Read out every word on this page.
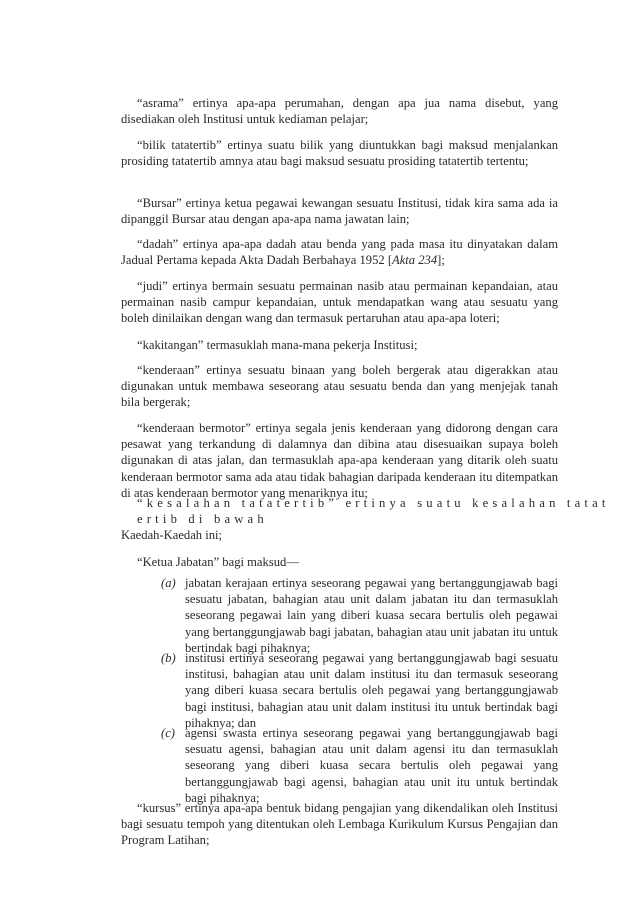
“asrama” ertinya apa-apa perumahan, dengan apa jua nama disebut, yang disediakan oleh Institusi untuk kediaman pelajar;

“bilik tatatertib” ertinya suatu bilik yang diuntukkan bagi maksud menjalankan prosiding tatatertib amnya atau bagi maksud sesuatu prosiding tatatertib tertentu;

“Bursar” ertinya ketua pegawai kewangan sesuatu Institusi, tidak kira sama ada ia dipanggil Bursar atau dengan apa-apa nama jawatan lain;

“dadah” ertinya apa-apa dadah atau benda yang pada masa itu dinyatakan dalam Jadual Pertama kepada Akta Dadah Berbahaya 1952 [Akta 234];

“judi” ertinya bermain sesuatu permainan nasib atau permainan kepandaian, atau permainan nasib campur kepandaian, untuk mendapatkan wang atau sesuatu yang boleh dinilaikan dengan wang dan termasuk pertaruhan atau apa-apa loteri;

“kakitangan” termasuklah mana-mana pekerja Institusi;

“kenderaan” ertinya sesuatu binaan yang boleh bergerak atau digerakkan atau digunakan untuk membawa seseorang atau sesuatu benda dan yang menjejak tanah bila bergerak;

“kenderaan bermotor” ertinya segala jenis kenderaan yang didorong dengan cara pesawat yang terkandung di dalamnya dan dibina atau disesuaikan supaya boleh digunakan di atas jalan, dan termasuklah apa-apa kenderaan yang ditarik oleh suatu kenderaan bermotor sama ada atau tidak bahagian daripada kenderaan itu ditempatkan di atas kenderaan bermotor yang menariknya itu;

“kesalahan tatatertib” ertinya suatu kesalahan tatat
ertib di bawah
Kaedah-Kaedah ini;

“Ketua Jabatan” bagi maksud—

(a) jabatan kerajaan ertinya seseorang pegawai yang bertanggungjawab bagi sesuatu jabatan, bahagian atau unit dalam jabatan itu dan termasuklah seseorang pegawai lain yang diberi kuasa secara bertulis oleh pegawai yang bertanggungjawab bagi jabatan, bahagian atau unit jabatan itu untuk bertindak bagi pihaknya;
(b) institusi ertinya seseorang pegawai yang bertanggungjawab bagi sesuatu institusi, bahagian atau unit dalam institusi itu dan termasuk seseorang yang diberi kuasa secara bertulis oleh pegawai yang bertanggungjawab bagi institusi, bahagian atau unit dalam institusi itu untuk bertindak bagi pihaknya; dan
(c) agensi swasta ertinya seseorang pegawai yang bertanggungjawab bagi sesuatu agensi, bahagian atau unit dalam agensi itu dan termasuklah seseorang yang diberi kuasa secara bertulis oleh pegawai yang bertanggungjawab bagi agensi, bahagian atau unit itu untuk bertindak bagi pihaknya;

“kursus” ertinya apa-apa bentuk bidang pengajian yang dikendalikan oleh Institusi bagi sesuatu tempoh yang ditentukan oleh Lembaga Kurikulum Kursus Pengajian dan Program Latihan;
